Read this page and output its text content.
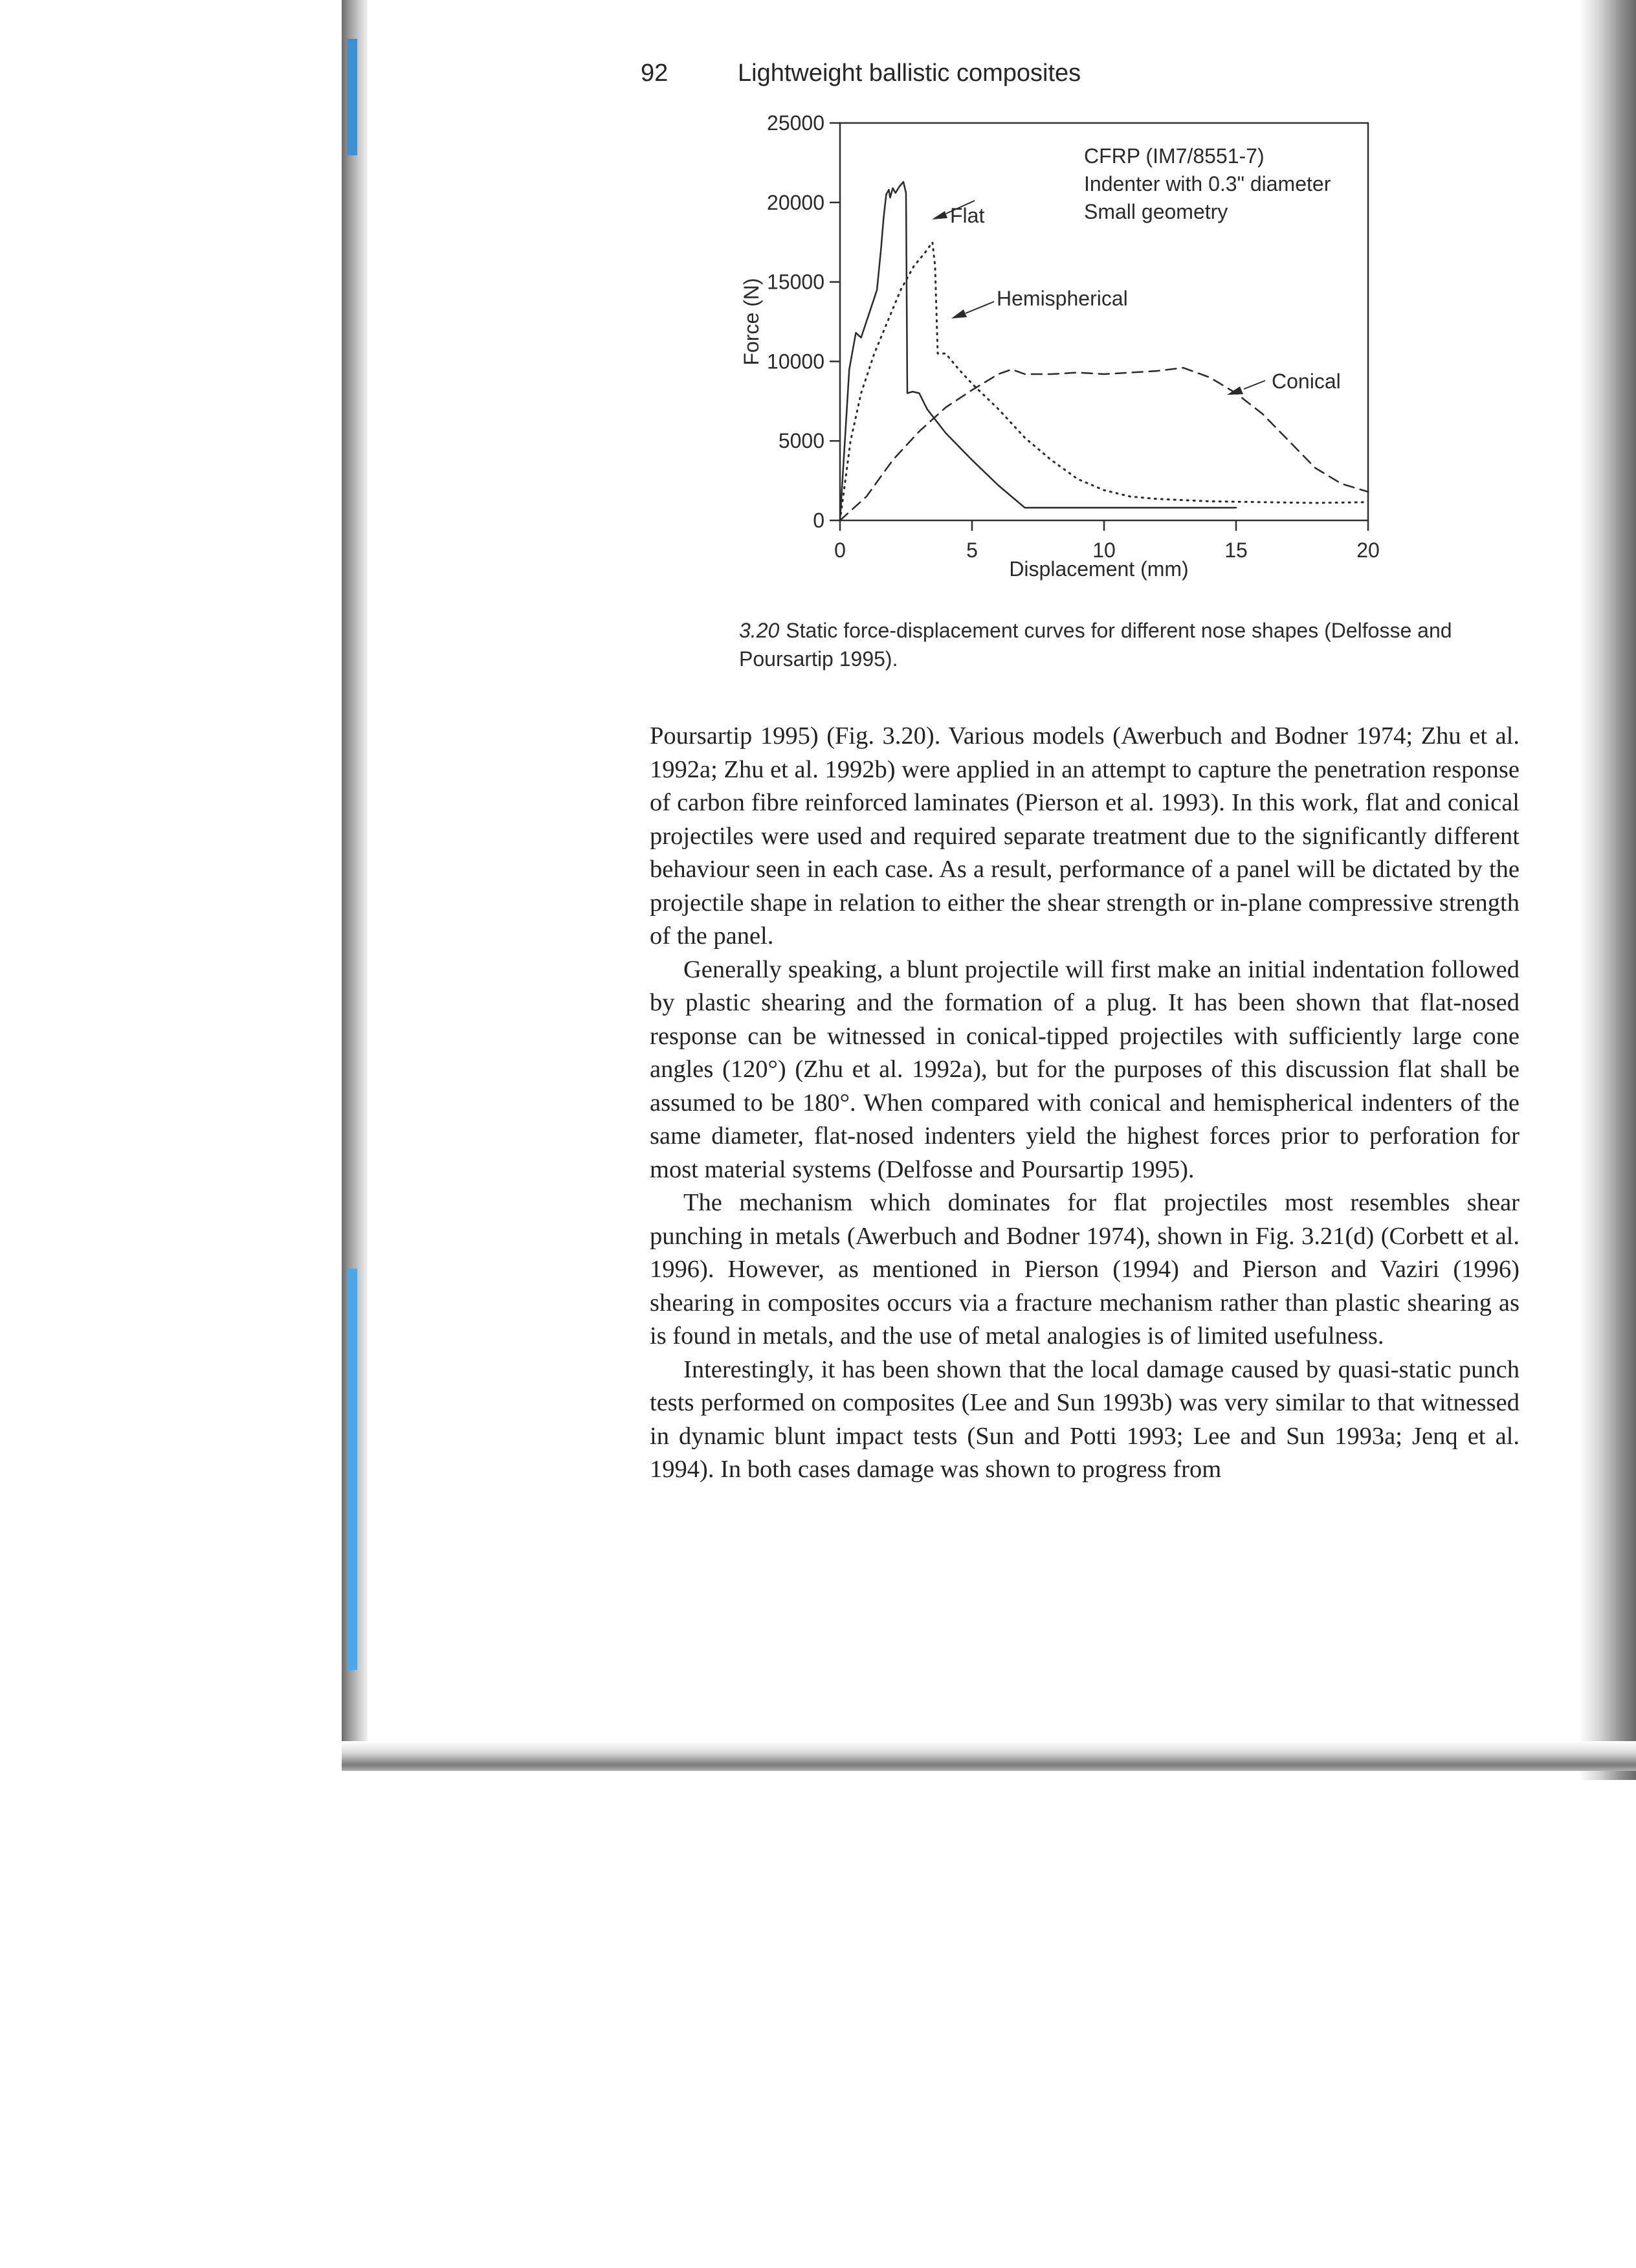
92	Lightweight ballistic composites
0	5	10	15	20
0
5000
10000
15000
20000
25000
Force (N)
Displacement (mm)
CFRP (IM7/8551-7)
Indenter with 0.3" diameter
Small geometry
Flat
Hemispherical
Conical
3.20 Static force-displacement curves for different nose shapes (Delfosse and Poursartip 1995).

Poursartip 1995) (Fig. 3.20). Various models (Awerbuch and Bodner 1974; Zhu et al. 1992a; Zhu et al. 1992b) were applied in an attempt to capture the penetration response of carbon fibre reinforced laminates (Pierson et al. 1993). In this work, flat and conical projectiles were used and required separate treatment due to the significantly different behaviour seen in each case. As a result, performance of a panel will be dictated by the projectile shape in relation to either the shear strength or in-plane compressive strength of the panel.

Generally speaking, a blunt projectile will first make an initial indentation followed by plastic shearing and the formation of a plug. It has been shown that flat-nosed response can be witnessed in conical-tipped projectiles with sufficiently large cone angles (120°) (Zhu et al. 1992a), but for the purposes of this discussion flat shall be assumed to be 180°. When compared with conical and hemispherical indenters of the same diameter, flat-nosed indenters yield the highest forces prior to perforation for most material systems (Delfosse and Poursartip 1995).

The mechanism which dominates for flat projectiles most resembles shear punching in metals (Awerbuch and Bodner 1974), shown in Fig. 3.21(d) (Corbett et al. 1996). However, as mentioned in Pierson (1994) and Pierson and Vaziri (1996) shearing in composites occurs via a fracture mechanism rather than plastic shearing as is found in metals, and the use of metal analogies is of limited usefulness.

Interestingly, it has been shown that the local damage caused by quasi-static punch tests performed on composites (Lee and Sun 1993b) was very similar to that witnessed in dynamic blunt impact tests (Sun and Potti 1993; Lee and Sun 1993a; Jenq et al. 1994). In both cases damage was shown to progress from
